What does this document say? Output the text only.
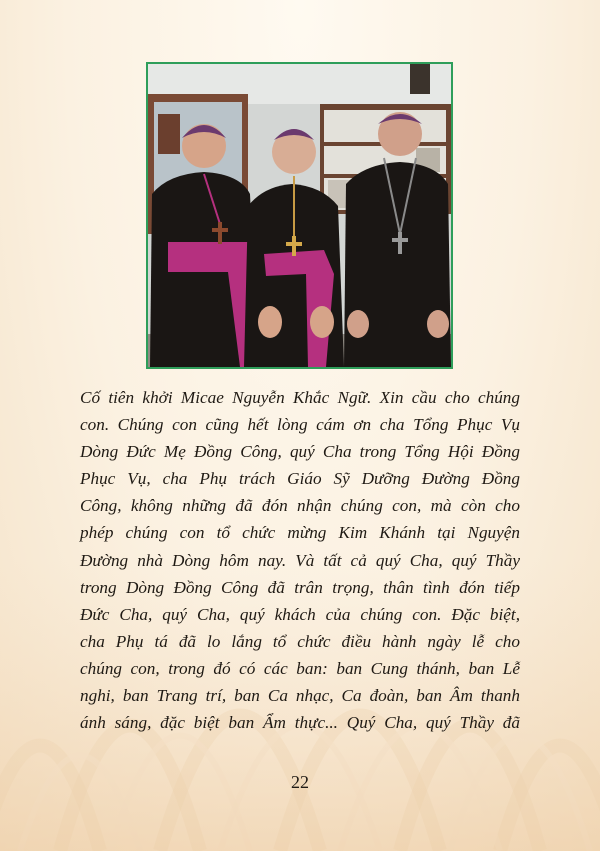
Cố tiên khởi Micae Nguyễn Khắc Ngữ. Xin cầu cho chúng
con. Chúng con cũng hết lòng cám ơn cha Tổng Phục Vụ
Dòng Đức Mẹ Đồng Công, quý Cha trong Tổng Hội Đồng
Phục Vụ, cha Phụ trách Giáo Sỹ Dưỡng Đường Đồng
Công, không những đã đón nhận chúng con, mà còn cho
phép chúng con tổ chức mừng Kim Khánh tại Nguyện
Đường nhà Dòng hôm nay. Và tất cả quý Cha, quý Thầy
trong Dòng Đồng Công đã trân trọng, thân tình đón tiếp
Đức Cha, quý Cha, quý khách của chúng con. Đặc biệt,
cha Phụ tá đã lo lắng tổ chức điều hành ngày lễ cho
chúng con, trong đó có các ban: ban Cung thánh, ban Lễ
nghi, ban Trang trí, ban Ca nhạc, Ca đoàn, ban Âm thanh
ánh sáng, đặc biệt ban Ẩm thực... Quý Cha, quý Thầy đã
22
